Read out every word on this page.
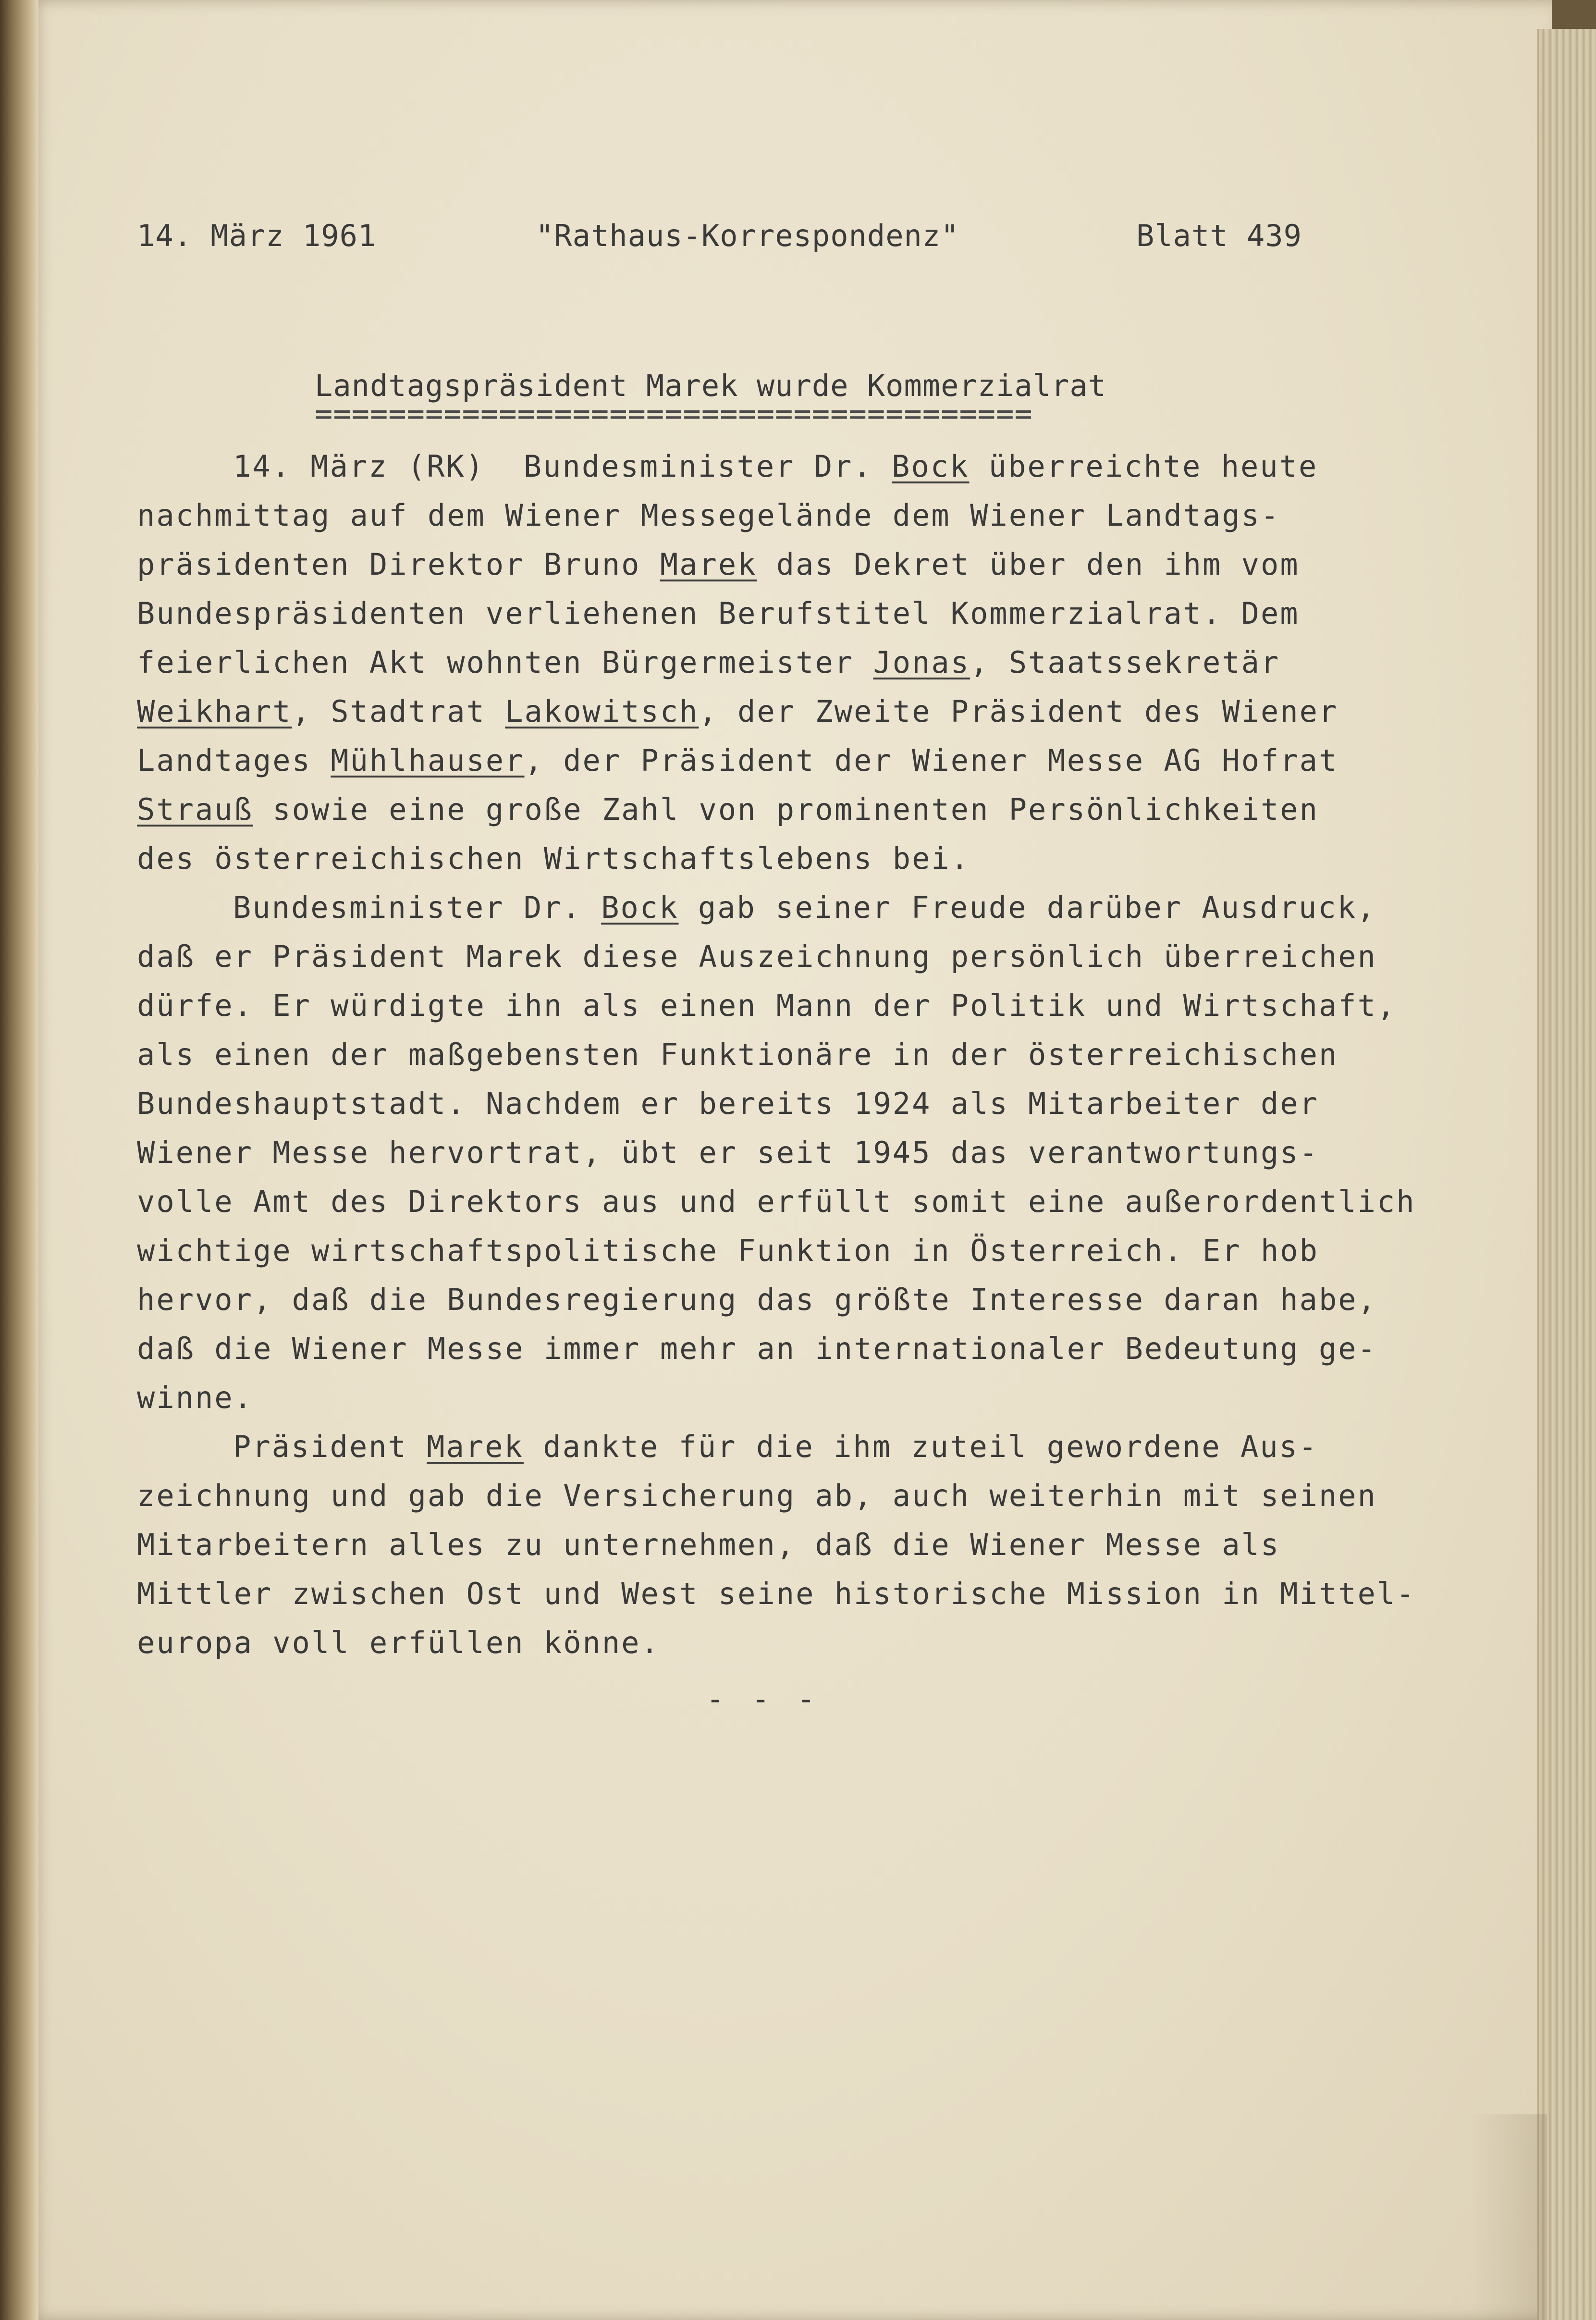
14. März 1961	"Rathaus-Korrespondenz"	Blatt 439
Landtagspräsident Marek wurde Kommerzialrat
=======================================
14. März (RK)  Bundesminister Dr. Bock überreichte heute
nachmittag auf dem Wiener Messegelände dem Wiener Landtags-
präsidenten Direktor Bruno Marek das Dekret über den ihm vom
Bundespräsidenten verliehenen Berufstitel Kommerzialrat. Dem
feierlichen Akt wohnten Bürgermeister Jonas, Staatssekretär
Weikhart, Stadtrat Lakowitsch, der Zweite Präsident des Wiener
Landtages Mühlhauser, der Präsident der Wiener Messe AG Hofrat
Strauß sowie eine große Zahl von prominenten Persönlichkeiten
des österreichischen Wirtschaftslebens bei.
Bundesminister Dr. Bock gab seiner Freude darüber Ausdruck,
daß er Präsident Marek diese Auszeichnung persönlich überreichen
dürfe. Er würdigte ihn als einen Mann der Politik und Wirtschaft,
als einen der maßgebensten Funktionäre in der österreichischen
Bundeshauptstadt. Nachdem er bereits 1924 als Mitarbeiter der
Wiener Messe hervortrat, übt er seit 1945 das verantwortungs-
volle Amt des Direktors aus und erfüllt somit eine außerordentlich
wichtige wirtschaftspolitische Funktion in Österreich. Er hob
hervor, daß die Bundesregierung das größte Interesse daran habe,
daß die Wiener Messe immer mehr an internationaler Bedeutung ge-
winne.
Präsident Marek dankte für die ihm zuteil gewordene Aus-
zeichnung und gab die Versicherung ab, auch weiterhin mit seinen
Mitarbeitern alles zu unternehmen, daß die Wiener Messe als
Mittler zwischen Ost und West seine historische Mission in Mittel-
europa voll erfüllen könne.
- - -
